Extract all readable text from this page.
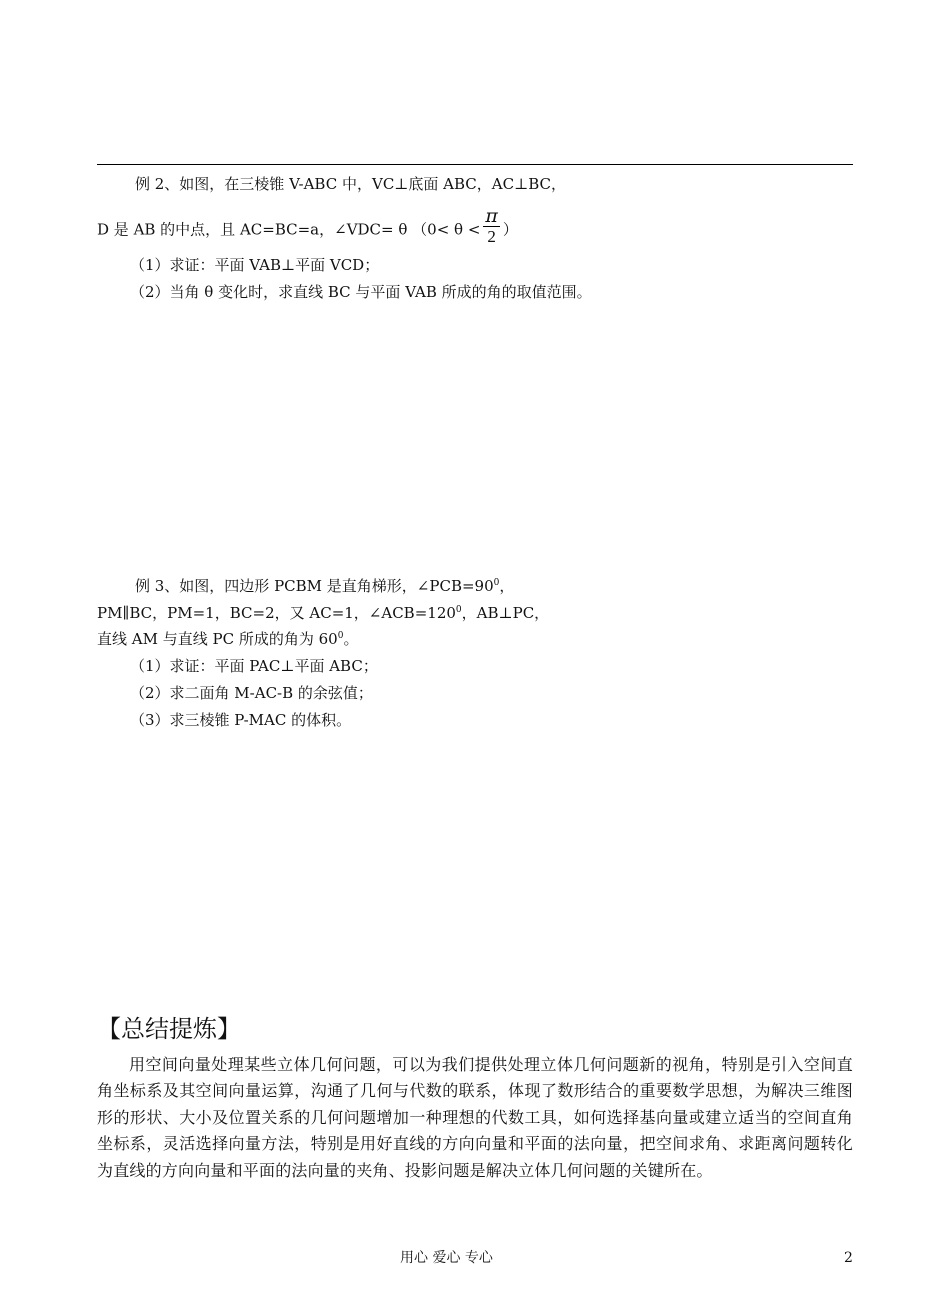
例 2、如图，在三棱锥 V-ABC 中，VC⊥底面 ABC，AC⊥BC，
D 是 AB 的中点，且 AC=BC=a，∠VDC= θ （$0< \theta < \frac{\pi}{2}$ ）
（1）求证：平面 VAB⊥平面 VCD；
（2）当角 θ 变化时，求直线 BC 与平面 VAB 所成的角的取值范围。
例 3、如图，四边形 PCBM 是直角梯形，$\angle PCB=90^0$，
PM∥BC，PM=1，BC=2，又 AC=1，$\angle ACB=120^0$，AB⊥PC，
直线 AM 与直线 PC 所成的角为 $60^0$。
（1）求证：平面 PAC⊥平面 ABC；
（2）求二面角 M-AC-B 的余弦值；
（3）求三棱锥 P-MAC 的体积。
【总结提炼】
用空间向量处理某些立体几何问题，可以为我们提供处理立体几何问题新的视角，特别是引入空间直角坐标系及其空间向量运算，沟通了几何与代数的联系，体现了数形结合的重要数学思想，为解决三维图形的形状、大小及位置关系的几何问题增加一种理想的代数工具，如何选择基向量或建立适当的空间直角坐标系，灵活选择向量方法，特别是用好直线的方向向量和平面的法向量，把空间求角、求距离问题转化为直线的方向向量和平面的法向量的夹角、投影问题是解决立体几何问题的关键所在。
用心 爱心 专心	2
